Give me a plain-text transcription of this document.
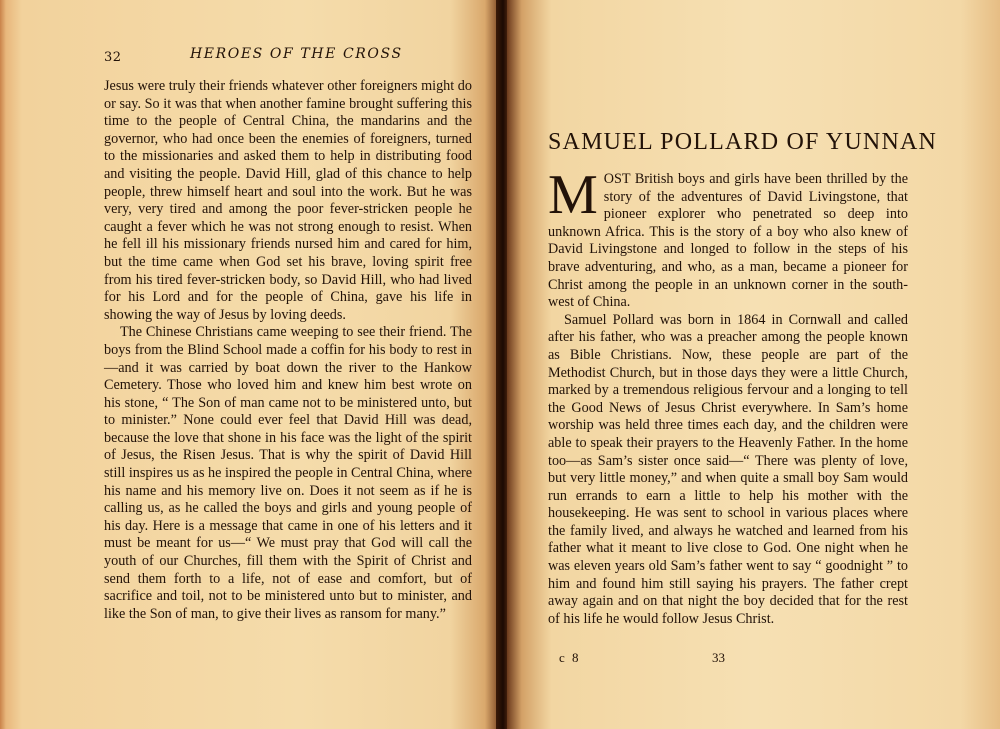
32	HEROES OF THE CROSS

Jesus were truly their friends whatever other foreigners might do or say. So it was that when another famine brought suffering this time to the people of Central China, the mandarins and the governor, who had once been the enemies of foreigners, turned to the missionaries and asked them to help in distributing food and visiting the people. David Hill, glad of this chance to help people, threw himself heart and soul into the work. But he was very, very tired and among the poor fever-stricken people he caught a fever which he was not strong enough to resist. When he fell ill his missionary friends nursed him and cared for him, but the time came when God set his brave, loving spirit free from his tired fever-stricken body, so David Hill, who had lived for his Lord and for the people of China, gave his life in showing the way of Jesus by loving deeds.

The Chinese Christians came weeping to see their friend. The boys from the Blind School made a coffin for his body to rest in—and it was carried by boat down the river to the Hankow Cemetery. Those who loved him and knew him best wrote on his stone, “ The Son of man came not to be ministered unto, but to minister.” None could ever feel that David Hill was dead, because the love that shone in his face was the light of the spirit of Jesus, the Risen Jesus. That is why the spirit of David Hill still inspires us as he inspired the people in Central China, where his name and his memory live on. Does it not seem as if he is calling us, as he called the boys and girls and young people of his day. Here is a message that came in one of his letters and it must be meant for us—“ We must pray that God will call the youth of our Churches, fill them with the Spirit of Christ and send them forth to a life, not of ease and comfort, but of sacrifice and toil, not to be ministered unto but to minister, and like the Son of man, to give their lives as ransom for many.”

SAMUEL POLLARD OF YUNNAN

MOST British boys and girls have been thrilled by the story of the adventures of David Livingstone, that pioneer explorer who penetrated so deep into unknown Africa. This is the story of a boy who also knew of David Livingstone and longed to follow in the steps of his brave adventuring, and who, as a man, became a pioneer for Christ among the people in an unknown corner in the south-west of China.

Samuel Pollard was born in 1864 in Cornwall and called after his father, who was a preacher among the people known as Bible Christians. Now, these people are part of the Methodist Church, but in those days they were a little Church, marked by a tremendous religious fervour and a longing to tell the Good News of Jesus Christ everywhere. In Sam’s home worship was held three times each day, and the children were able to speak their prayers to the Heavenly Father. In the home too—as Sam’s sister once said—“ There was plenty of love, but very little money,” and when quite a small boy Sam would run errands to earn a little to help his mother with the housekeeping. He was sent to school in various places where the family lived, and always he watched and learned from his father what it meant to live close to God. One night when he was eleven years old Sam’s father went to say “ goodnight ” to him and found him still saying his prayers. The father crept away again and on that night the boy decided that for the rest of his life he would follow Jesus Christ.

c 8	33
